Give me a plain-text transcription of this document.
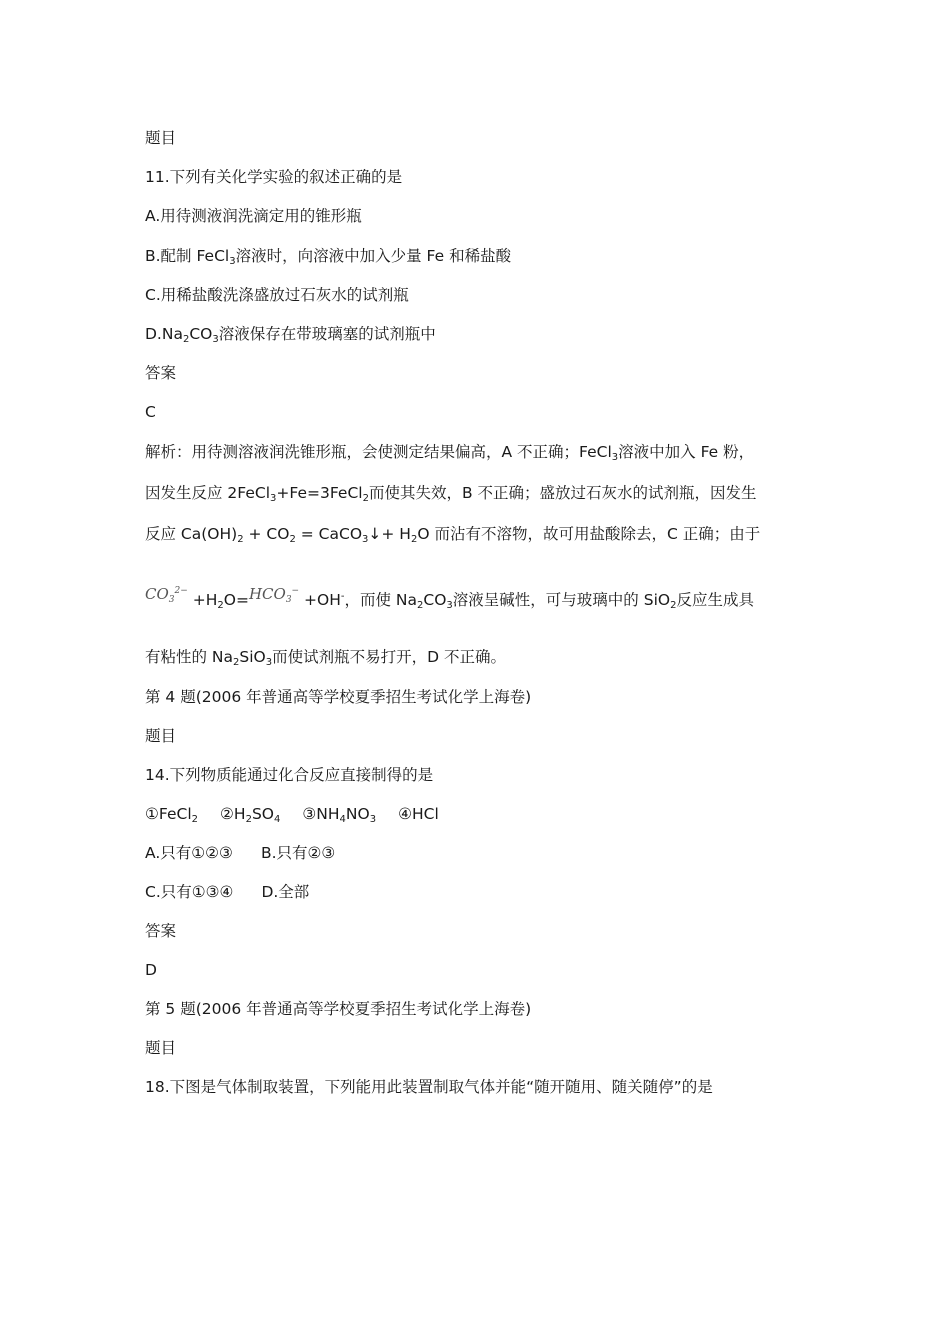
题目
11.下列有关化学实验的叙述正确的是
A.用待测液润洗滴定用的锥形瓶
B.配制 FeCl$_3$溶液时，向溶液中加入少量 Fe 和稀盐酸
C.用稀盐酸洗涤盛放过石灰水的试剂瓶
$D.Na_2CO_3$溶液保存在带玻璃塞的试剂瓶中
答案
C
解析：用待测溶液润洗锥形瓶，会使测定结果偏高，A 不正确；FeCl$_3$溶液中加入 Fe 粉，
因发生反应 2FeCl$_3$+Fe=3FeCl$_2$而使其失效，B 不正确；盛放过石灰水的试剂瓶，因发生
反应 $Ca(OH)_2 + CO_2$ = CaCO$_3$↓+ $H_2O$ 而沾有不溶物，故可用盐酸除去，C 正确；由于
$CO_3^{2-} +H_2O=HCO_3^- +OH^-$，而使 $Na_2CO_3$溶液呈碱性，可与玻璃中的 SiO$_2$反应生成具
有粘性的 $Na_2SiO_3$而使试剂瓶不易打开，D 不正确。
第 4 题(2006 年普通高等学校夏季招生考试化学上海卷)
题目
14.下列物质能通过化合反应直接制得的是
①FeCl$_2$ $②H_2SO_4$ $③NH_4NO_3$ ④HCl
A.只有①②③ B.只有②③
C.只有①③④ D.全部
答案
D
第 5 题(2006 年普通高等学校夏季招生考试化学上海卷)
题目
18.下图是气体制取装置，下列能用此装置制取气体并能“随开随用、随关随停”的是
